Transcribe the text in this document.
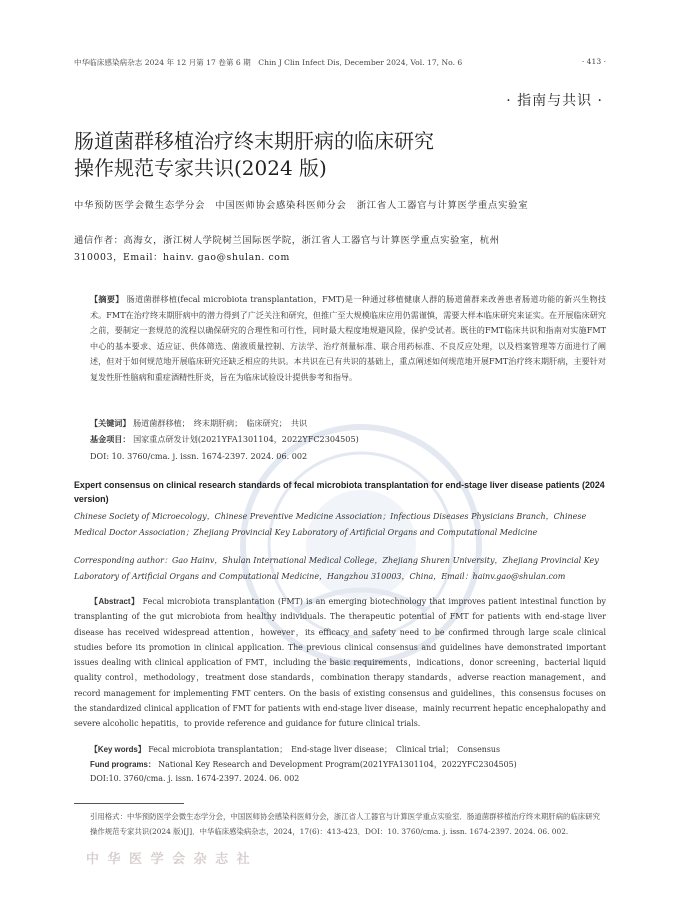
中华临床感染病杂志 2024 年 12 月第 17 卷第 6 期　Chin J Clin Infect Dis, December 2024, Vol. 17, No. 6	· 413 ·
· 指南与共识 ·
肠道菌群移植治疗终末期肝病的临床研究
操作规范专家共识(2024 版)
中华预防医学会微生态学分会　中国医师协会感染科医师分会　浙江省人工器官与计算医学重点实验室
通信作者：高海女，浙江树人学院树兰国际医学院，浙江省人工器官与计算医学重点实验室，杭州 310003，Email：hainv. gao@shulan. com
【摘要】 肠道菌群移植(fecal microbiota transplantation，FMT)是一种通过移植健康人群的肠道菌群来改善患者肠道功能的新兴生物技术。FMT在治疗终末期肝病中的潜力得到了广泛关注和研究，但推广至大规模临床应用仍需谨慎，需要大样本临床研究来证实。在开展临床研究之前，要制定一套规范的流程以确保研究的合理性和可行性，同时最大程度地规避风险，保护受试者。既往的FMT临床共识和指南对实施FMT中心的基本要求、适应证、供体筛选、菌液质量控制、方法学、治疗剂量标准、联合用药标准、不良反应处理，以及档案管理等方面进行了阐述，但对于如何规范地开展临床研究还缺乏相应的共识。本共识在已有共识的基础上，重点阐述如何规范地开展FMT治疗终末期肝病，主要针对复发性肝性脑病和重症酒精性肝炎，旨在为临床试验设计提供参考和指导。
【关键词】 肠道菌群移植；　终末期肝病；　临床研究；　共识
基金项目： 国家重点研发计划(2021YFA1301104，2022YFC2304505)
DOI: 10. 3760/cma. j. issn. 1674-2397. 2024. 06. 002
Expert consensus on clinical research standards of fecal microbiota transplantation for end-stage liver disease patients (2024 version)
Chinese Society of Microecology，Chinese Preventive Medicine Association；Infectious Diseases Physicians Branch，Chinese Medical Doctor Association；Zhejiang Provincial Key Laboratory of Artificial Organs and Computational Medicine
Corresponding author：Gao Hainv，Shulan International Medical College，Zhejiang Shuren University，Zhejiang Provincial Key Laboratory of Artificial Organs and Computational Medicine，Hangzhou 310003，China，Email：hainv.gao@shulan.com
【Abstract】 Fecal microbiota transplantation (FMT) is an emerging biotechnology that improves patient intestinal function by transplanting of the gut microbiota from healthy individuals. The therapeutic potential of FMT for patients with end-stage liver disease has received widespread attention，however，its efficacy and safety need to be confirmed through large scale clinical studies before its promotion in clinical application. The previous clinical consensus and guidelines have demonstrated important issues dealing with clinical application of FMT，including the basic requirements，indications，donor screening，bacterial liquid quality control，methodology，treatment dose standards，combination therapy standards，adverse reaction management，and record management for implementing FMT centers. On the basis of existing consensus and guidelines，this consensus focuses on the standardized clinical application of FMT for patients with end-stage liver disease，mainly recurrent hepatic encephalopathy and severe alcoholic hepatitis，to provide reference and guidance for future clinical trials.
【Key words】 Fecal microbiota transplantation；　End-stage liver disease；　Clinical trial；　Consensus
Fund programs： National Key Research and Development Program(2021YFA1301104，2022YFC2304505)
DOI:10. 3760/cma. j. issn. 1674-2397. 2024. 06. 002
引用格式：中华预防医学会微生态学分会，中国医师协会感染科医师分会，浙江省人工器官与计算医学重点实验室．肠道菌群移植治疗终末期肝病的临床研究操作规范专家共识(2024 版)[J]．中华临床感染病杂志，2024，17(6)：413-423．DOI：10. 3760/cma. j. issn. 1674-2397. 2024. 06. 002.
中 华 医 学 会 杂 志 社
